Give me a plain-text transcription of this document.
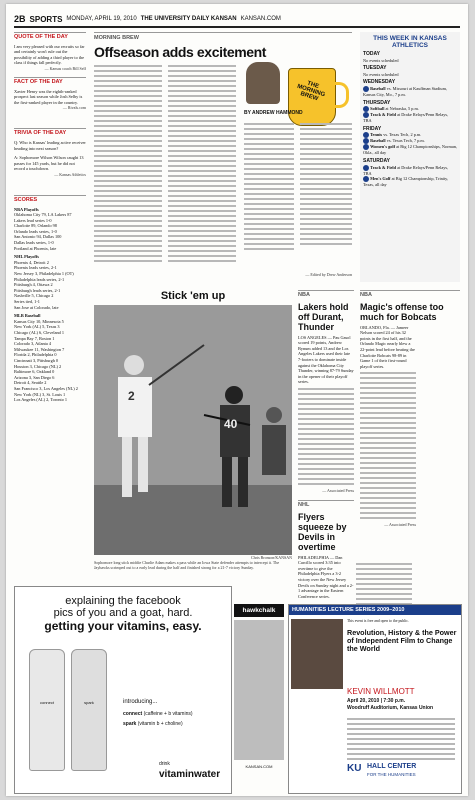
2B SPORTS MONDAY, APRIL 19, 2010 THE UNIVERSITY DAILY KANSAN KANSAN.COM
QUOTE OF THE DAY
I am very pleased with our recruits so far and certainly won't rule out the possibility of adding a third player to the class if things fall perfectly.
— Kansas coach Bill Self
FACT OF THE DAY
Xavier Henry was the eighth-ranked prospect last season while Josh Selby is the first-ranked player in the country.
— Rivals.com
TRIVIA OF THE DAY
Q: Who is Kansas' leading active receiver heading into next season?
A: Sophomore Wilson Wilson caught 13 passes for 145 yards, but he did not record a touchdown.
— Kansas Athletics
SCORES
NBA Playoffs
Oklahoma City 79, LA Lakers 87
Lakers lead series 1-0
Charlotte 89, Orlando 98
Orlando leads series, 1-0
San Antonio 94, Dallas 100
Dallas leads series, 1-0
Portland at Phoenix, late
NHL Playoffs
Phoenix 4, Detroit 2
Phoenix leads series, 2-1
New Jersey 3, Philadelphia 1 (OT)
Philadelphia leads series, 2-1
Pittsburgh 4, Ottawa 2
Pittsburgh leads series, 2-1
Nashville 5, Chicago 2
Series tied, 1-1
San Jose at Colorado, late
MLB Baseball
Kansas City 10, Minnesota 5
New York (AL) 5, Texas 3
Chicago (AL) 6, Cleveland 1
Tampa Bay 7, Boston 1
Colorado 3, Atlanta 4
Milwaukee 11, Washington 7
Florida 2, Philadelphia 0
Cincinnati 3, Pittsburgh 0
Houston 3, Chicago (NL) 2
Baltimore 6, Oakland 0
Arizona 3, San Diego 6
Detroit 4, Seattle 2
San Francisco 3, Los Angeles (NL) 2
New York (NL) 3, St. Louis 1
Los Angeles (AL) 2, Toronto 1
MORNING BREW
Offseason adds excitement
THE MORNING BREW
BY ANDREW HAMMOND
— Edited by Drew Anderson
Stick 'em up
2
40
Chris Bronson/KANSAN
Sophomore long stick middie Charlie Adam makes a pass while an Iowa State defender attempts to intercept it. The Jayhawks scrimped out to a early lead during the half and finished strong for a 21-7 victory Sunday.
NBA
Lakers hold off Durant, Thunder
LOS ANGELES — Pau Gasol scored 19 points, Andrew Bynum added 13 and the Los Angeles Lakers used their late 7-footers to dominate inside against the Oklahoma City Thunder, winning 87-79 Sunday in the opener of their playoff series.
— Associated Press
NHL
Flyers squeeze by Devils in overtime
PHILADELPHIA — Dan Carcillo scored 3:35 into overtime to give the Philadelphia Flyers a 3-2 victory over the New Jersey Devils on Sunday night and a 2-1 advantage in the Eastern Conference series.
THIS WEEK IN KANSAS ATHLETICS
TODAY
No events scheduled
TUESDAY
No events scheduled
WEDNESDAY
Baseball vs. Missouri at Kauffman Stadium, Kansas City, Mo., 7 p.m.
THURSDAY
Softball at Nebraska, 5 p.m.
Track & Field at Drake Relays/Penn Relays, TBA
FRIDAY
Tennis vs. Texas Tech, 2 p.m.
Baseball vs. Texas Tech, 7 p.m.
Women's golf at Big 12 Championships, Norman, Okla., all day
SATURDAY
Track & Field at Drake Relays/Penn Relays, TBA
Men's Golf at Big 12 Championship, Trinity, Texas, all day
NBA
Magic's offense too much for Bobcats
ORLANDO, Fla. — Jameer Nelson scored 24 of his 32 points in the first half, and the Orlando Magic nearly blew a 22-point lead before beating the Charlotte Bobcats 98-89 in Game 1 of their first-round playoff series.
— Associated Press
explaining the facebook
pics of you and a goat, hard.
getting your vitamins, easy.
connect	spark	introducing...
connect (caffeine + b vitamins)
spark (vitamin b + choline)
drink
vitaminwater
hawkchalk
KANSAN.COM
HUMANITIES LECTURE SERIES 2009–2010
This event is free and open to the public.
Revolution, History & the Power of Independent Film to Change the World
KEVIN WILLMOTT
April 20, 2010 | 7:30 p.m.
Woodruff Auditorium, Kansas Union
KU HALL CENTER
FOR THE HUMANITIES
